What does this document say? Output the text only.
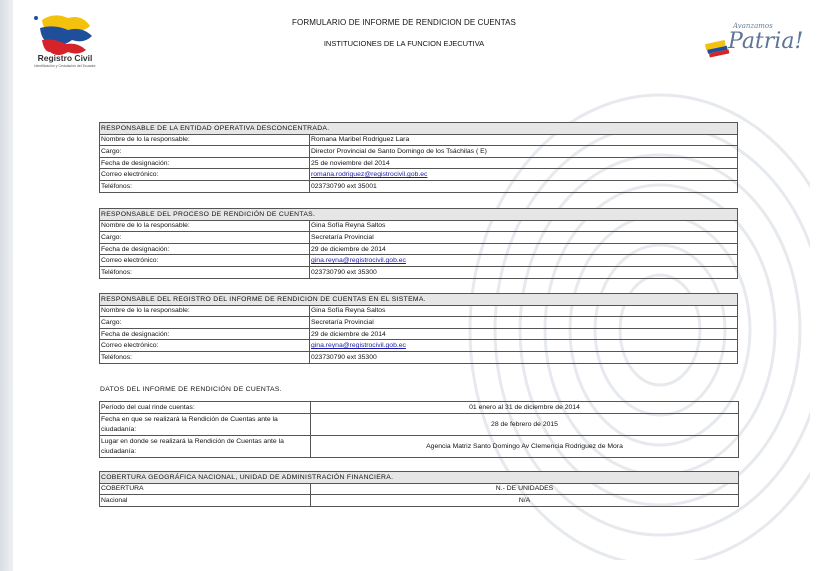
Registro Civil
Identificación y Cedulación del Ecuador
Avanzamos
Patria!
FORMULARIO DE INFORME DE RENDICION DE CUENTAS
INSTITUCIONES DE LA FUNCION EJECUTIVA
RESPONSABLE DE LA ENTIDAD OPERATIVA DESCONCENTRADA.	
Nombre de lo la responsable:	Romana Maribel Rodriguez Lara
Cargo:	Director Provincial de Santo Domingo de los Tsáchilas ( E)
Fecha de designación:	25 de noviembre del 2014
Correo electrónico:	romana.rodriguez@registrocivil.gob.ec
Teléfonos:	023730790 ext 35001
RESPONSABLE DEL PROCESO DE RENDICIÓN DE CUENTAS.	
Nombre de lo la responsable:	Gina Sofía Reyna Saltos
Cargo:	Secretaría Provincial
Fecha de designación:	29 de diciembre de 2014
Correo electrónico:	gina.reyna@registrocivil.gob.ec
Teléfonos:	023730790 ext 35300
RESPONSABLE DEL REGISTRO DEL INFORME DE RENDICION DE CUENTAS EN EL SISTEMA.	
Nombre de lo la responsable:	Gina Sofía Reyna Saltos
Cargo:	Secretaría Provincial
Fecha de designación:	29 de diciembre de 2014
Correo electrónico:	gina.reyna@registrocivil.gob.ec
Teléfonos:	023730790 ext 35300
DATOS DEL INFORME DE RENDICIÓN DE CUENTAS.
Período del cual rinde cuentas:	01 enero al 31 de diciembre de 2014
Fecha en que se realizará la Rendición de Cuentas ante la ciudadanía:	28 de febrero de 2015
Lugar en donde se realizará la Rendición de Cuentas ante la ciudadanía:	Agencia Matriz Santo Domingo Av Clemencia Rodriguez de Mora
COBERTURA GEOGRÁFICA NACIONAL, UNIDAD DE ADMINISTRACIÓN FINANCIERA.	
COBERTURA	N.- DE UNIDADES
Nacional	N/A
